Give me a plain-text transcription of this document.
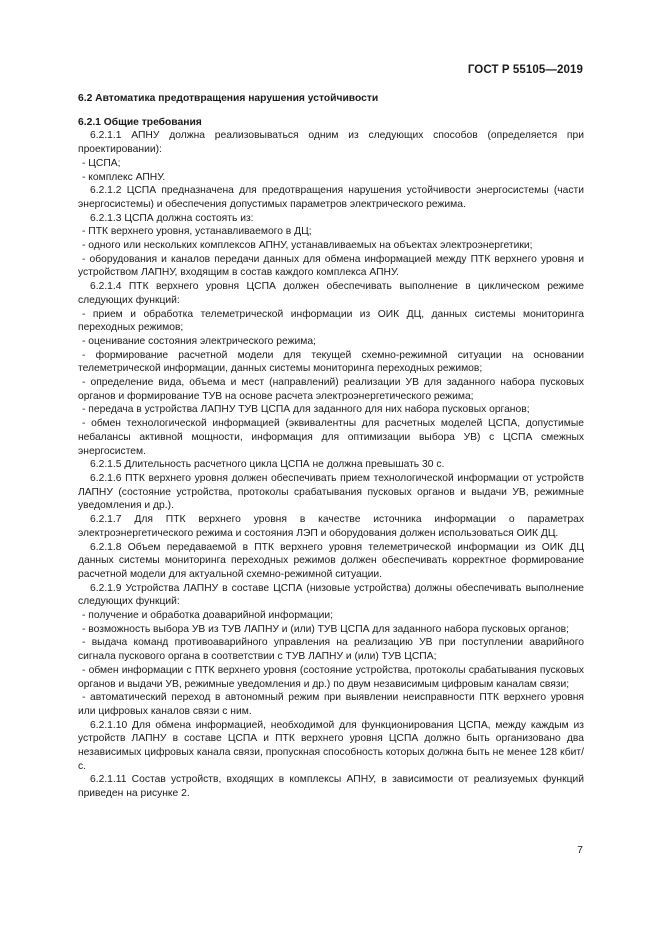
ГОСТ Р 55105—2019
6.2 Автоматика предотвращения нарушения устойчивости
6.2.1 Общие требования

6.2.1.1 АПНУ должна реализовываться одним из следующих способов (определяется при проектировании):

- ЦСПА;

- комплекс АПНУ.

6.2.1.2 ЦСПА предназначена для предотвращения нарушения устойчивости энергосистемы (части энергосистемы) и обеспечения допустимых параметров электрического режима.

6.2.1.3 ЦСПА должна состоять из:

- ПТК верхнего уровня, устанавливаемого в ДЦ;

- одного или нескольких комплексов АПНУ, устанавливаемых на объектах электроэнергетики;

- оборудования и каналов передачи данных для обмена информацией между ПТК верхнего уровня и устройством ЛАПНУ, входящим в состав каждого комплекса АПНУ.

6.2.1.4 ПТК верхнего уровня ЦСПА должен обеспечивать выполнение в циклическом режиме следующих функций:

- прием и обработка телеметрической информации из ОИК ДЦ, данных системы мониторинга переходных режимов;

- оценивание состояния электрического режима;

- формирование расчетной модели для текущей схемно-режимной ситуации на основании телеметрической информации, данных системы мониторинга переходных режимов;

- определение вида, объема и мест (направлений) реализации УВ для заданного набора пусковых органов и формирование ТУВ на основе расчета электроэнергетического режима;

- передача в устройства ЛАПНУ ТУВ ЦСПА для заданного для них набора пусковых органов;

- обмен технологической информацией (эквивалентны для расчетных моделей ЦСПА, допустимые небалансы активной мощности, информация для оптимизации выбора УВ) с ЦСПА смежных энергосистем.

6.2.1.5 Длительность расчетного цикла ЦСПА не должна превышать 30 с.

6.2.1.6 ПТК верхнего уровня должен обеспечивать прием технологической информации от устройств ЛАПНУ (состояние устройства, протоколы срабатывания пусковых органов и выдачи УВ, режимные уведомления и др.).

6.2.1.7 Для ПТК верхнего уровня в качестве источника информации о параметрах электроэнергетического режима и состояния ЛЭП и оборудования должен использоваться ОИК ДЦ.

6.2.1.8 Объем передаваемой в ПТК верхнего уровня телеметрической информации из ОИК ДЦ данных системы мониторинга переходных режимов должен обеспечивать корректное формирование расчетной модели для актуальной схемно-режимной ситуации.

6.2.1.9 Устройства ЛАПНУ в составе ЦСПА (низовые устройства) должны обеспечивать выполнение следующих функций:

- получение и обработка доаварийной информации;

- возможность выбора УВ из ТУВ ЛАПНУ и (или) ТУВ ЦСПА для заданного набора пусковых органов;

- выдача команд противоаварийного управления на реализацию УВ при поступлении аварийного сигнала пускового органа в соответствии с ТУВ ЛАПНУ и (или) ТУВ ЦСПА;

- обмен информации с ПТК верхнего уровня (состояние устройства, протоколы срабатывания пусковых органов и выдачи УВ, режимные уведомления и др.) по двум независимым цифровым каналам связи;

- автоматический переход в автономный режим при выявлении неисправности ПТК верхнего уровня или цифровых каналов связи с ним.

6.2.1.10 Для обмена информацией, необходимой для функционирования ЦСПА, между каждым из устройств ЛАПНУ в составе ЦСПА и ПТК верхнего уровня ЦСПА должно быть организовано два независимых цифровых канала связи, пропускная способность которых должна быть не менее 128 кбит/с.

6.2.1.11 Состав устройств, входящих в комплексы АПНУ, в зависимости от реализуемых функций приведен на рисунке 2.

7
